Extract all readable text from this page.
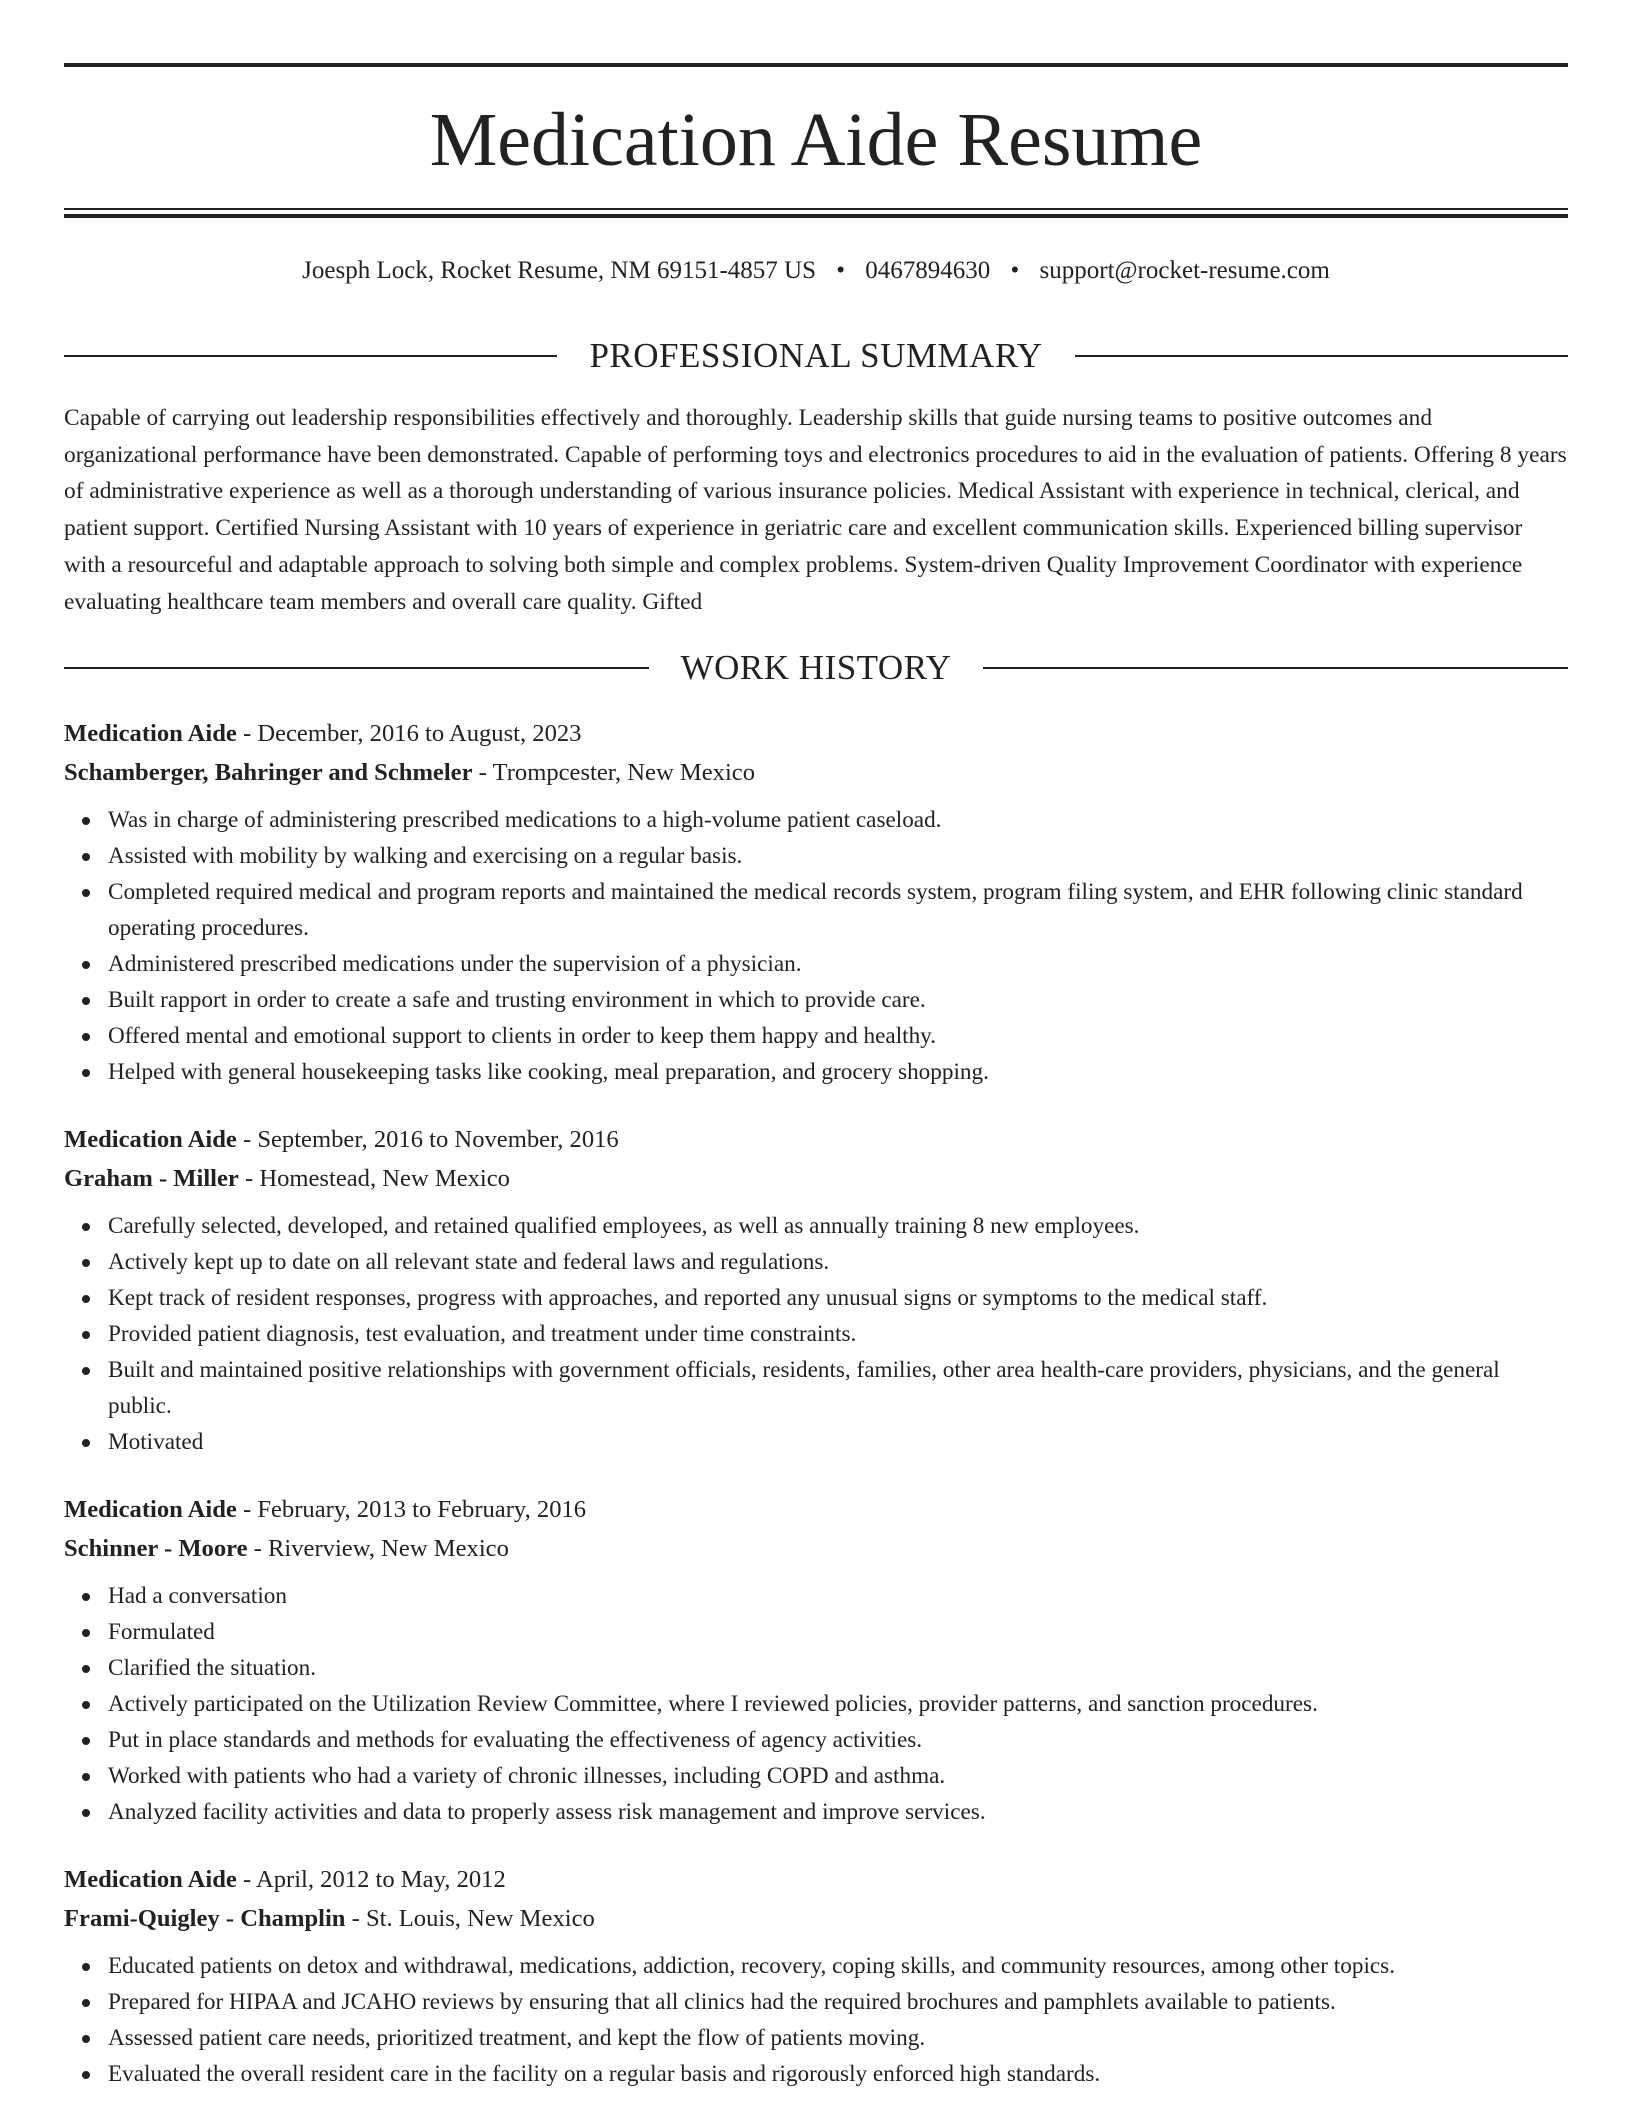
Medication Aide Resume
Joesph Lock, Rocket Resume, NM 69151-4857 US • 0467894630 • support@rocket-resume.com
PROFESSIONAL SUMMARY

Capable of carrying out leadership responsibilities effectively and thoroughly. Leadership skills that guide nursing teams to positive outcomes and organizational performance have been demonstrated. Capable of performing toys and electronics procedures to aid in the evaluation of patients. Offering 8 years of administrative experience as well as a thorough understanding of various insurance policies. Medical Assistant with experience in technical, clerical, and patient support. Certified Nursing Assistant with 10 years of experience in geriatric care and excellent communication skills. Experienced billing supervisor with a resourceful and adaptable approach to solving both simple and complex problems. System-driven Quality Improvement Coordinator with experience evaluating healthcare team members and overall care quality. Gifted

WORK HISTORY
Medication Aide - December, 2016 to August, 2023
Schamberger, Bahringer and Schmeler - Trompcester, New Mexico
Was in charge of administering prescribed medications to a high-volume patient caseload.
Assisted with mobility by walking and exercising on a regular basis.
Completed required medical and program reports and maintained the medical records system, program filing system, and EHR following clinic standard operating procedures.
Administered prescribed medications under the supervision of a physician.
Built rapport in order to create a safe and trusting environment in which to provide care.
Offered mental and emotional support to clients in order to keep them happy and healthy.
Helped with general housekeeping tasks like cooking, meal preparation, and grocery shopping.
Medication Aide - September, 2016 to November, 2016
Graham - Miller - Homestead, New Mexico
Carefully selected, developed, and retained qualified employees, as well as annually training 8 new employees.
Actively kept up to date on all relevant state and federal laws and regulations.
Kept track of resident responses, progress with approaches, and reported any unusual signs or symptoms to the medical staff.
Provided patient diagnosis, test evaluation, and treatment under time constraints.
Built and maintained positive relationships with government officials, residents, families, other area health-care providers, physicians, and the general public.
Motivated
Medication Aide - February, 2013 to February, 2016
Schinner - Moore - Riverview, New Mexico
Had a conversation
Formulated
Clarified the situation.
Actively participated on the Utilization Review Committee, where I reviewed policies, provider patterns, and sanction procedures.
Put in place standards and methods for evaluating the effectiveness of agency activities.
Worked with patients who had a variety of chronic illnesses, including COPD and asthma.
Analyzed facility activities and data to properly assess risk management and improve services.
Medication Aide - April, 2012 to May, 2012
Frami-Quigley - Champlin - St. Louis, New Mexico
Educated patients on detox and withdrawal, medications, addiction, recovery, coping skills, and community resources, among other topics.
Prepared for HIPAA and JCAHO reviews by ensuring that all clinics had the required brochures and pamphlets available to patients.
Assessed patient care needs, prioritized treatment, and kept the flow of patients moving.
Evaluated the overall resident care in the facility on a regular basis and rigorously enforced high standards.
